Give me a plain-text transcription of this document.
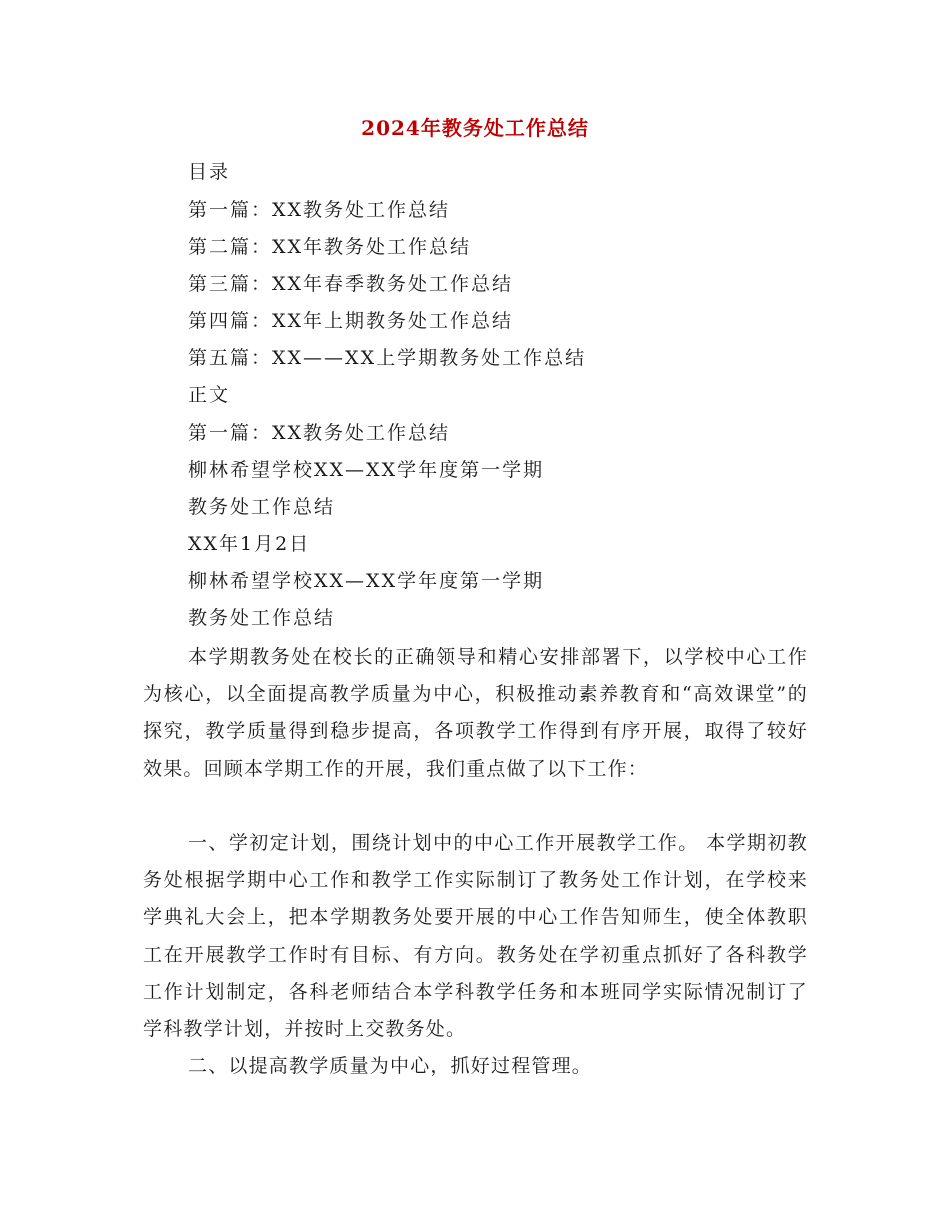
2024年教务处工作总结
目录
第一篇：XX教务处工作总结
第二篇：XX年教务处工作总结
第三篇：XX年春季教务处工作总结
第四篇：XX年上期教务处工作总结
第五篇：XX——XX上学期教务处工作总结
正文
第一篇：XX教务处工作总结
柳林希望学校XX—XX学年度第一学期
教务处工作总结
XX年1月2日
柳林希望学校XX—XX学年度第一学期
教务处工作总结
本学期教务处在校长的正确领导和精心安排部署下，以学校中心工作为核心，以全面提高教学质量为中心，积极推动素养教育和“高效课堂”的探究，教学质量得到稳步提高，各项教学工作得到有序开展，取得了较好效果。回顾本学期工作的开展，我们重点做了以下工作：
一、学初定计划，围绕计划中的中心工作开展教学工作。 本学期初教务处根据学期中心工作和教学工作实际制订了教务处工作计划，在学校来学典礼大会上，把本学期教务处要开展的中心工作告知师生，使全体教职工在开展教学工作时有目标、有方向。教务处在学初重点抓好了各科教学工作计划制定，各科老师结合本学科教学任务和本班同学实际情况制订了学科教学计划，并按时上交教务处。
二、以提高教学质量为中心，抓好过程管理。
